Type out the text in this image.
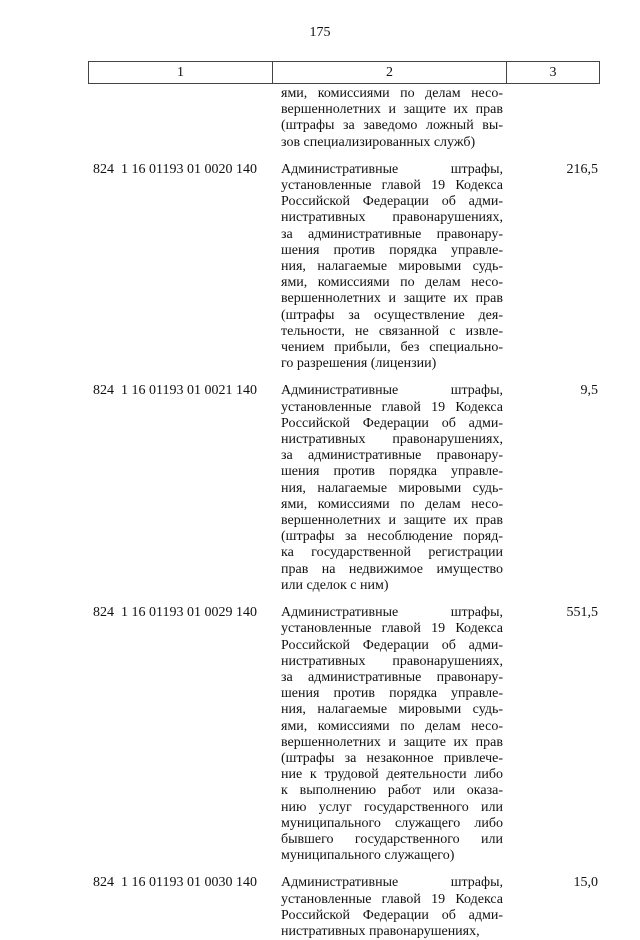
175
1	2	3
ями, комиссиями по делам несо-
вершеннолетних и защите их прав
(штрафы за заведомо ложный вы-
зов специализированных служб)
824  1 16 01193 01 0020 140 Административные штрафы,
установленные главой 19 Кодекса
Российской Федерации об адми-
нистративных правонарушениях,
за административные правонару-
шения против порядка управле-
ния, налагаемые мировыми судь-
ями, комиссиями по делам несо-
вершеннолетних и защите их прав
(штрафы за осуществление дея-
тельности, не связанной с извле-
чением прибыли, без специально-
го разрешения (лицензии)
216,5
824  1 16 01193 01 0021 140 Административные штрафы,
установленные главой 19 Кодекса
Российской Федерации об адми-
нистративных правонарушениях,
за административные правонару-
шения против порядка управле-
ния, налагаемые мировыми судь-
ями, комиссиями по делам несо-
вершеннолетних и защите их прав
(штрафы за несоблюдение поряд-
ка государственной регистрации
прав на недвижимое имущество
или сделок с ним)
9,5
824  1 16 01193 01 0029 140 Административные штрафы,
установленные главой 19 Кодекса
Российской Федерации об адми-
нистративных правонарушениях,
за административные правонару-
шения против порядка управле-
ния, налагаемые мировыми судь-
ями, комиссиями по делам несо-
вершеннолетних и защите их прав
(штрафы за незаконное привлече-
ние к трудовой деятельности либо
к выполнению работ или оказа-
нию услуг государственного или
муниципального служащего либо
бывшего государственного или
муниципального служащего)
551,5
824  1 16 01193 01 0030 140 Административные штрафы,
установленные главой 19 Кодекса
Российской Федерации об адми-
нистративных правонарушениях,
15,0
